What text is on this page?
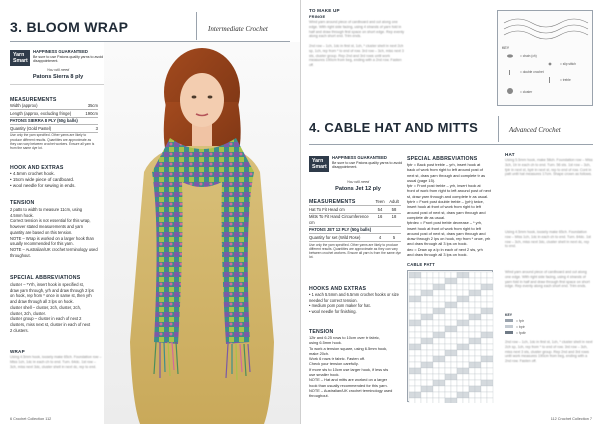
3. BLOOM WRAP	Intermediate Crochet
Yarn Smart
HAPPINESS GUARANTEED
Be sure to use Patons quality yarns to avoid disappointment.
You will need
Patons Sierra 8 ply
MEASUREMENTS
Width (approx)	35cm
Length (approx, excluding fringe)	190cm
PATONS SIERRA 8 PLY (50g balls)
Quantity (Gold Pastel)	3
Use only the yarn specified. Other yarns are likely to produce different results. Quantities are approximate as they can vary between crochet workers. Ensure all yarn is from the same dye lot.
HOOK AND EXTRAS
• 4.5mm crochet hook.
• 15cm wide piece of cardboard.
• wool needle for sewing in ends.
TENSION
2 patts to width to measure 11cm, using
4.5mm hook.
Correct tension is not essential for this wrap,
however stated measurements and yarn
quantity are based on this tension.
NOTE – Wrap is worked on a larger hook than
usually recommended for this yarn.
NOTE – Australian/UK crochet terminology used
throughout.
SPECIAL ABBREVIATIONS
cluster – *Yrh, insert hook in specified st,
draw yarn through, yrh and draw through 2 lps
on hook, rep from * once in same st, then yrh
and draw through all 3 lps on hook.
cluster shell – cluster, 2ch, cluster, 2ch,
cluster, 2ch, cluster.
cluster group – cluster in each of next 2
clusters, miss next st, cluster in each of next
2 clusters.
WRAP
Using 4.5mm hook, loosely make 65ch. Foundation row – Miss 1ch, 1dc in each ch to end. Turn. 64dc. 1st row – 3ch, miss next 3dc, cluster shell in next dc, rep to end.
6 Crochet Collection 112
TO MAKE UP
FRINGE
Wind yarn around piece of cardboard and cut along one edge. With right side facing, using 4 strands of yarn fold in half and draw through first space on short edge. Rep evenly along each short end. Trim ends.
2nd row – 1ch, 1dc in first st, 1ch, * cluster shell in next 2ch sp, 1ch, rep from * to end of row. 3rd row – 3ch, miss next 3 sts, cluster group. Rep 2nd and 3rd rows until work measures 190cm from beg, ending with a 2nd row. Fasten off.
KEY
= chain (ch)
= slip stitch
= double crochet
= treble
= cluster
4. CABLE HAT AND MITTS	Advanced Crochet
Yarn Smart
HAPPINESS GUARANTEED
Be sure to use Patons quality yarns to avoid disappointment.
You will need
Patons Jet 12 ply
MEASUREMENTS	Teen	Adult
Hat To Fit Head cm	54	58
Mitts To Fit Hand Circumference cm
16	18
PATONS JET 12 PLY (50g balls)
Quantity for set (Wild Rose)	4	5
Use only the yarn specified. Other yarns are likely to produce different results. Quantities are approximate as they can vary between crochet workers. Ensure all yarn is from the same dye lot.
HOOKS AND EXTRAS
• 1 each 5.5mm and 6.5mm crochet hooks or size needed for correct tension.
• medium pom pom maker for hat.
• wool needle for finishing.
TENSION
12tr and 6.25 rows to 10cm over tr fabric,
using 6.5mm hook.
To work a tension square, using 6.5mm hook,
make 20ch.
Work 6 rows tr fabric. Fasten off.
Check your tension carefully.
If more sts to 10cm use larger hook, if less sts
use smaller hook.
NOTE – Hat and mitts are worked on a larger
hook than usually recommended for this yarn.
NOTE – Australian/UK crochet terminology used
throughout.
SPECIAL ABBREVIATIONS
fptr = Back post treble – yrh, insert hook at
back of work from right to left around post of
next st, draw yarn through and complete tr as
usual (page 15).
fptr = Front post treble – yrh, insert hook at
front of work from right to left around post of next
st, draw yarn through and complete tr as usual.
fptrtr = Front post double treble – (yrh) twice,
insert hook at front of work from right to left
around post of next st, draw yarn through and
complete dtr as usual.
fptrdec = Front post treble decrease – * yrh,
insert hook at front of work from right to left
around post of next st, draw yarn through and
draw through 2 lps on hook, rep from * once, yrh
and draw through all 3 lps on hook.
dec = Draw up a lp in each of next 2 sts, yrh
and draw through all 3 lps on hook.
CABLE PATT
HAT
Using 5.5mm hook, make 58ch. Foundation row – Miss 3ch, 1tr in each ch to end. Turn. 56 sts. 1st row – 3ch, fptr in next st, bptr in next st, rep to end of row. Cont in patt until hat measures 17cm. Shape crown as follows.
Using 4.5mm hook, loosely make 65ch. Foundation row – Miss 1ch, 1dc in each ch to end. Turn. 64dc. 1st row – 3ch, miss next 3dc, cluster shell in next dc, rep to end.
Wind yarn around piece of cardboard and cut along one edge. With right side facing, using 4 strands of yarn fold in half and draw through first space on short edge. Rep evenly along each short end. Trim ends.
KEY
= fptr
= bptr
= fpdtr
2nd row – 1ch, 1dc in first st, 1ch, * cluster shell in next 2ch sp, 1ch, rep from * to end of row. 3rd row – 3ch, miss next 3 sts, cluster group. Rep 2nd and 3rd rows until work measures 190cm from beg, ending with a 2nd row. Fasten off.
112 Crochet Collection 7
